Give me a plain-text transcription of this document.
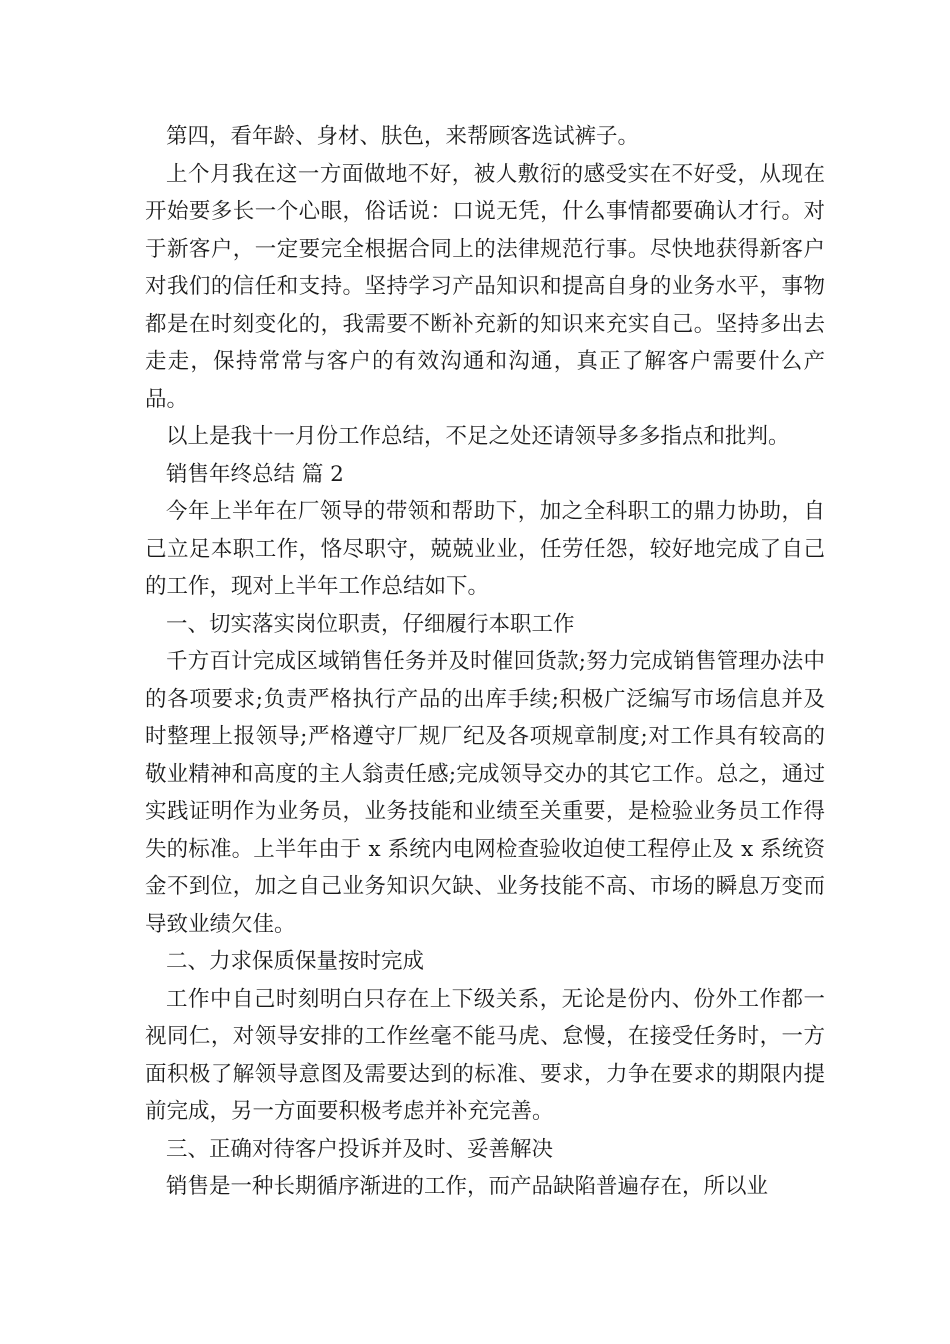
第四，看年龄、身材、肤色，来帮顾客选试裤子。

上个月我在这一方面做地不好，被人敷衍的感受实在不好受，从现在开始要多长一个心眼，俗话说：口说无凭，什么事情都要确认才行。对于新客户，一定要完全根据合同上的法律规范行事。尽快地获得新客户对我们的信任和支持。坚持学习产品知识和提高自身的业务水平，事物都是在时刻变化的，我需要不断补充新的知识来充实自己。坚持多出去走走，保持常常与客户的有效沟通和沟通，真正了解客户需要什么产品。

以上是我十一月份工作总结，不足之处还请领导多多指点和批判。

销售年终总结 篇 2

今年上半年在厂领导的带领和帮助下，加之全科职工的鼎力协助，自己立足本职工作，恪尽职守，兢兢业业，任劳任怨，较好地完成了自己的工作，现对上半年工作总结如下。

一、切实落实岗位职责，仔细履行本职工作

千方百计完成区域销售任务并及时催回货款;努力完成销售管理办法中的各项要求;负责严格执行产品的出库手续;积极广泛编写市场信息并及时整理上报领导;严格遵守厂规厂纪及各项规章制度;对工作具有较高的敬业精神和高度的主人翁责任感;完成领导交办的其它工作。总之，通过实践证明作为业务员，业务技能和业绩至关重要，是检验业务员工作得失的标准。上半年由于 x 系统内电网检查验收迫使工程停止及 x 系统资金不到位，加之自己业务知识欠缺、业务技能不高、市场的瞬息万变而导致业绩欠佳。

二、力求保质保量按时完成

工作中自己时刻明白只存在上下级关系，无论是份内、份外工作都一视同仁，对领导安排的工作丝毫不能马虎、怠慢，在接受任务时，一方面积极了解领导意图及需要达到的标准、要求，力争在要求的期限内提前完成，另一方面要积极考虑并补充完善。

三、正确对待客户投诉并及时、妥善解决

销售是一种长期循序渐进的工作，而产品缺陷普遍存在，所以业
